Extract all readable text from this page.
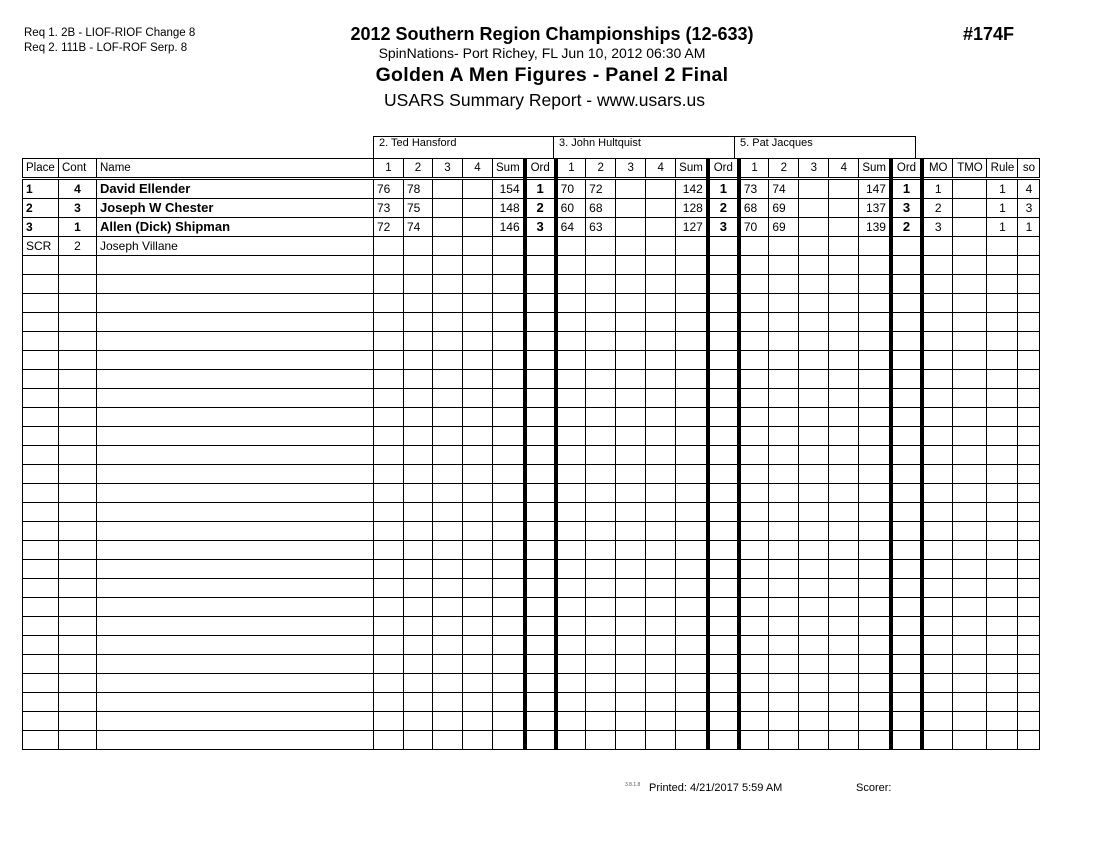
Req 1. 2B - LIOF-RIOF Change 8
Req 2. 111B - LOF-ROF Serp. 8
2012 Southern Region Championships (12-633)
SpinNations- Port Richey, FL Jun 10, 2012 06:30 AM
Golden A Men Figures - Panel 2 Final
USARS Summary Report - www.usars.us
#174F
2. Ted Hansford	3. John Hultquist	5. Pat Jacques
Place	Cont	Name	1	2	3	4	Sum	Ord	1	2	3	4	Sum	Ord	1	2	3	4	Sum	Ord	MO	TMO	Rule	so
1	4	David Ellender	76	78			154	1	70	72			142	1	73	74			147	1	1		1	4
2	3	Joseph W Chester	73	75			148	2	60	68			128	2	68	69			137	3	2		1	3
3	1	Allen (Dick) Shipman	72	74			146	3	64	63			127	3	70	69			139	2	3		1	1
SCR	2	Joseph Villane																						

3.8.1.8 Printed: 4/21/2017 5:59 AM	Scorer:
